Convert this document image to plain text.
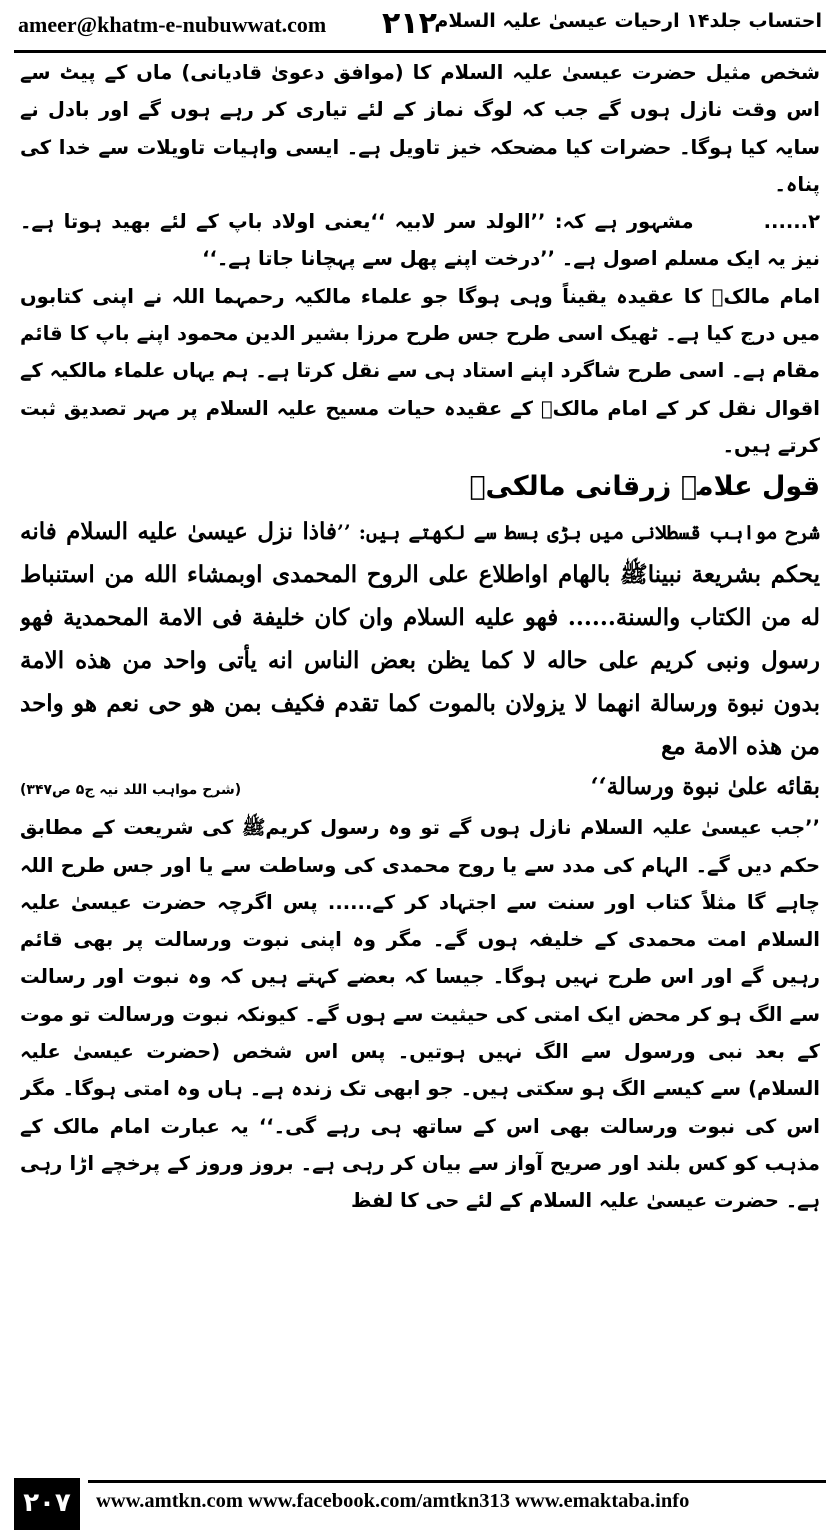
ameer@khatm-e-nubuwwat.com ۲۱۲
احتساب جلد۱۴ ارحیات عیسیٰ علیہ السلام

شخص مثیل حضرت عیسیٰ علیہ السلام کا (موافق دعویٰ قادیانی) ماں کے پیٹ سے اس وقت نازل ہوں گے جب کہ لوگ نماز کے لئے تیاری کر رہے ہوں گے اور بادل نے سایہ کیا ہوگا۔ حضرات کیا مضحکہ خیز تاویل ہے۔ ایسی واہیات تاویلات سے خدا کی پناہ۔

۲......مشہور ہے کہ: ’’الولد سر لابیہ ‘‘یعنی اولاد باپ کے لئے بھید ہوتا ہے۔ نیز یہ ایک مسلم اصول ہے۔ ’’درخت اپنے پھل سے پہچانا جاتا ہے۔‘‘

امام مالکؒ کا عقیدہ یقیناً وہی ہوگا جو علماء مالکیہ رحمہما اللہ نے اپنی کتابوں میں درج کیا ہے۔ ٹھیک اسی طرح جس طرح مرزا بشیر الدین محمود اپنے باپ کا قائم مقام ہے۔ اسی طرح شاگرد اپنے استاد ہی سے نقل کرتا ہے۔ ہم یہاں علماء مالکیہ کے اقوال نقل کر کے امام مالکؒ کے عقیدہ حیات مسیح علیہ السلام پر مہر تصدیق ثبت کرتے ہیں۔

قول علامہ زرقانی مالکیؒ

شرح مواہب قسطلانی میں بڑی بسط سے لکھتے ہیں: ’’فاذا نزل عیسیٰ علیه السلام فانه یحکم بشریعة نبیناﷺ بالهام اواطلاع علی الروح المحمدی اوبمشاء الله من استنباط له من الکتاب والسنة...... فهو علیه السلام وان کان خلیفة فی الامة المحمدیة فهو رسول ونبی کریم علی حاله لا کما یظن بعض الناس انه یأتی واحد من هذه الامة بدون نبوة ورسالة انهما لا یزولان بالموت کما تقدم فکیف بمن هو حی نعم هو واحد من هذه الامة مع

بقائه علیٰ نبوة ورسالة‘‘
(شرح مواہب اللد نیہ ج۵ ص۳۴۷)

’’جب عیسیٰ علیہ السلام نازل ہوں گے تو وہ رسول کریمﷺ کی شریعت کے مطابق حکم دیں گے۔ الہام کی مدد سے یا روح محمدی کی وساطت سے یا اور جس طرح اللہ چاہے گا مثلاً کتاب اور سنت سے اجتہاد کر کے...... پس اگرچہ حضرت عیسیٰ علیہ السلام امت محمدی کے خلیفہ ہوں گے۔ مگر وہ اپنی نبوت ورسالت پر بھی قائم رہیں گے اور اس طرح نہیں ہوگا۔ جیسا کہ بعضے کہتے ہیں کہ وہ نبوت اور رسالت سے الگ ہو کر محض ایک امتی کی حیثیت سے ہوں گے۔ کیونکہ نبوت ورسالت تو موت کے بعد نبی ورسول سے الگ نہیں ہوتیں۔ پس اس شخص (حضرت عیسیٰ علیہ السلام) سے کیسے الگ ہو سکتی ہیں۔ جو ابھی تک زندہ ہے۔ ہاں وہ امتی ہوگا۔ مگر اس کی نبوت ورسالت بھی اس کے ساتھ ہی رہے گی۔‘‘ یہ عبارت امام مالک کے مذہب کو کس بلند اور صریح آواز سے بیان کر رہی ہے۔ بروز وروز کے پرخچے اڑا رہی ہے۔ حضرت عیسیٰ علیہ السلام کے لئے حی کا لفظ

۲۰۷	www.amtkn.com www.facebook.com/amtkn313 www.emaktaba.info
